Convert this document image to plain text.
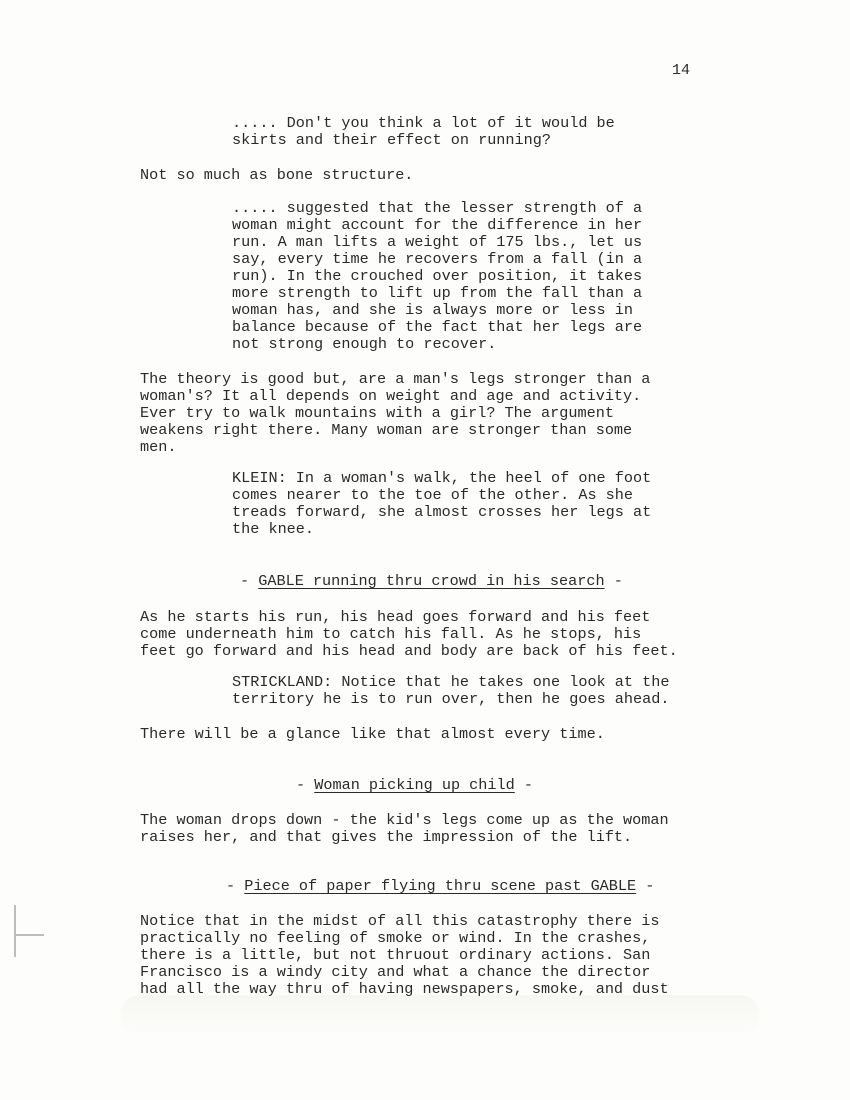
14

..... Don't you think a lot of it would be
skirts and their effect on running?

Not so much as bone structure.

..... suggested that the lesser strength of a
woman might account for the difference in her
run. A man lifts a weight of 175 lbs., let us
say, every time he recovers from a fall (in a
run). In the crouched over position, it takes
more strength to lift up from the fall than a
woman has, and she is always more or less in
balance because of the fact that her legs are
not strong enough to recover.

The theory is good but, are a man's legs stronger than a
woman's? It all depends on weight and age and activity.
Ever try to walk mountains with a girl? The argument
weakens right there. Many woman are stronger than some
men.

KLEIN: In a woman's walk, the heel of one foot
comes nearer to the toe of the other. As she
treads forward, she almost crosses her legs at
the knee.

- GABLE running thru crowd in his search -

As he starts his run, his head goes forward and his feet
come underneath him to catch his fall. As he stops, his
feet go forward and his head and body are back of his feet.

STRICKLAND: Notice that he takes one look at the
territory he is to run over, then he goes ahead.

There will be a glance like that almost every time.

- Woman picking up child -

The woman drops down - the kid's legs come up as the woman
raises her, and that gives the impression of the lift.

- Piece of paper flying thru scene past GABLE -

Notice that in the midst of all this catastrophy there is
practically no feeling of smoke or wind. In the crashes,
there is a little, but not thruout ordinary actions. San
Francisco is a windy city and what a chance the director
had all the way thru of having newspapers, smoke, and dust
